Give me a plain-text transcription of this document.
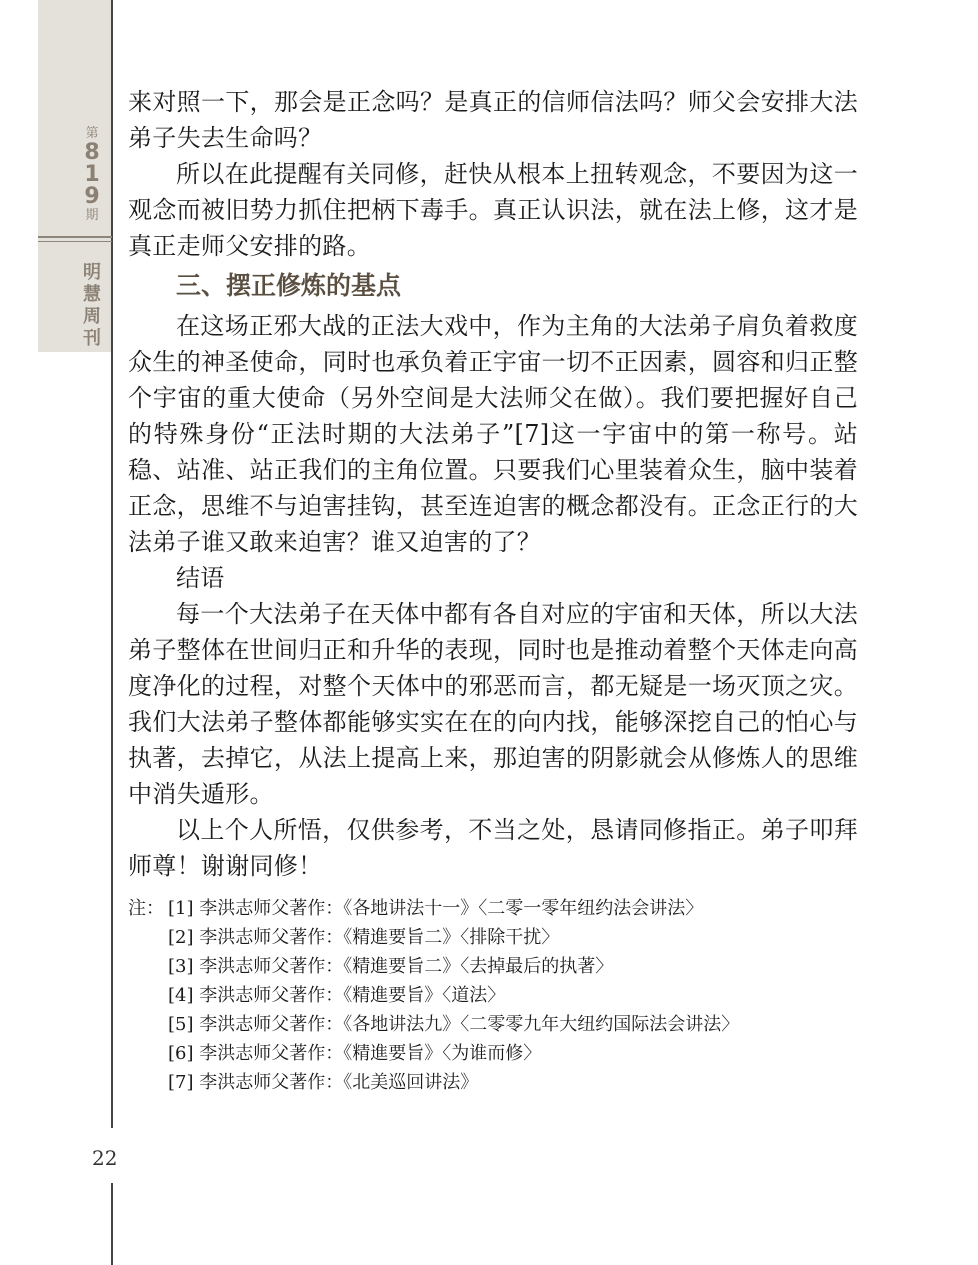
第
8
1
9
期
明
慧
周
刊

来对照一下，那会是正念吗？是真正的信师信法吗？师父会安排大法弟子失去生命吗？

所以在此提醒有关同修，赶快从根本上扭转观念，不要因为这一观念而被旧势力抓住把柄下毒手。真正认识法，就在法上修，这才是真正走师父安排的路。

三、摆正修炼的基点

在这场正邪大战的正法大戏中，作为主角的大法弟子肩负着救度众生的神圣使命，同时也承负着正宇宙一切不正因素，圆容和归正整个宇宙的重大使命（另外空间是大法师父在做）。我们要把握好自己的特殊身份“正法时期的大法弟子”[7]这一宇宙中的第一称号。站稳、站准、站正我们的主角位置。只要我们心里装着众生，脑中装着正念，思维不与迫害挂钩，甚至连迫害的概念都没有。正念正行的大法弟子谁又敢来迫害？谁又迫害的了？

结语

每一个大法弟子在天体中都有各自对应的宇宙和天体，所以大法弟子整体在世间归正和升华的表现，同时也是推动着整个天体走向高度净化的过程，对整个天体中的邪恶而言，都无疑是一场灭顶之灾。我们大法弟子整体都能够实实在在的向内找，能够深挖自己的怕心与执著，去掉它，从法上提高上来，那迫害的阴影就会从修炼人的思维中消失遁形。

以上个人所悟，仅供参考，不当之处，恳请同修指正。弟子叩拜师尊！谢谢同修！

注： [1] 李洪志师父著作：《各地讲法十一》〈二零一零年纽约法会讲法〉
[2] 李洪志师父著作：《精進要旨二》〈排除干扰〉
[3] 李洪志师父著作：《精進要旨二》〈去掉最后的执著〉
[4] 李洪志师父著作：《精進要旨》〈道法〉
[5] 李洪志师父著作：《各地讲法九》〈二零零九年大纽约国际法会讲法〉
[6] 李洪志师父著作：《精進要旨》〈为谁而修〉
[7] 李洪志师父著作：《北美巡回讲法》
22
